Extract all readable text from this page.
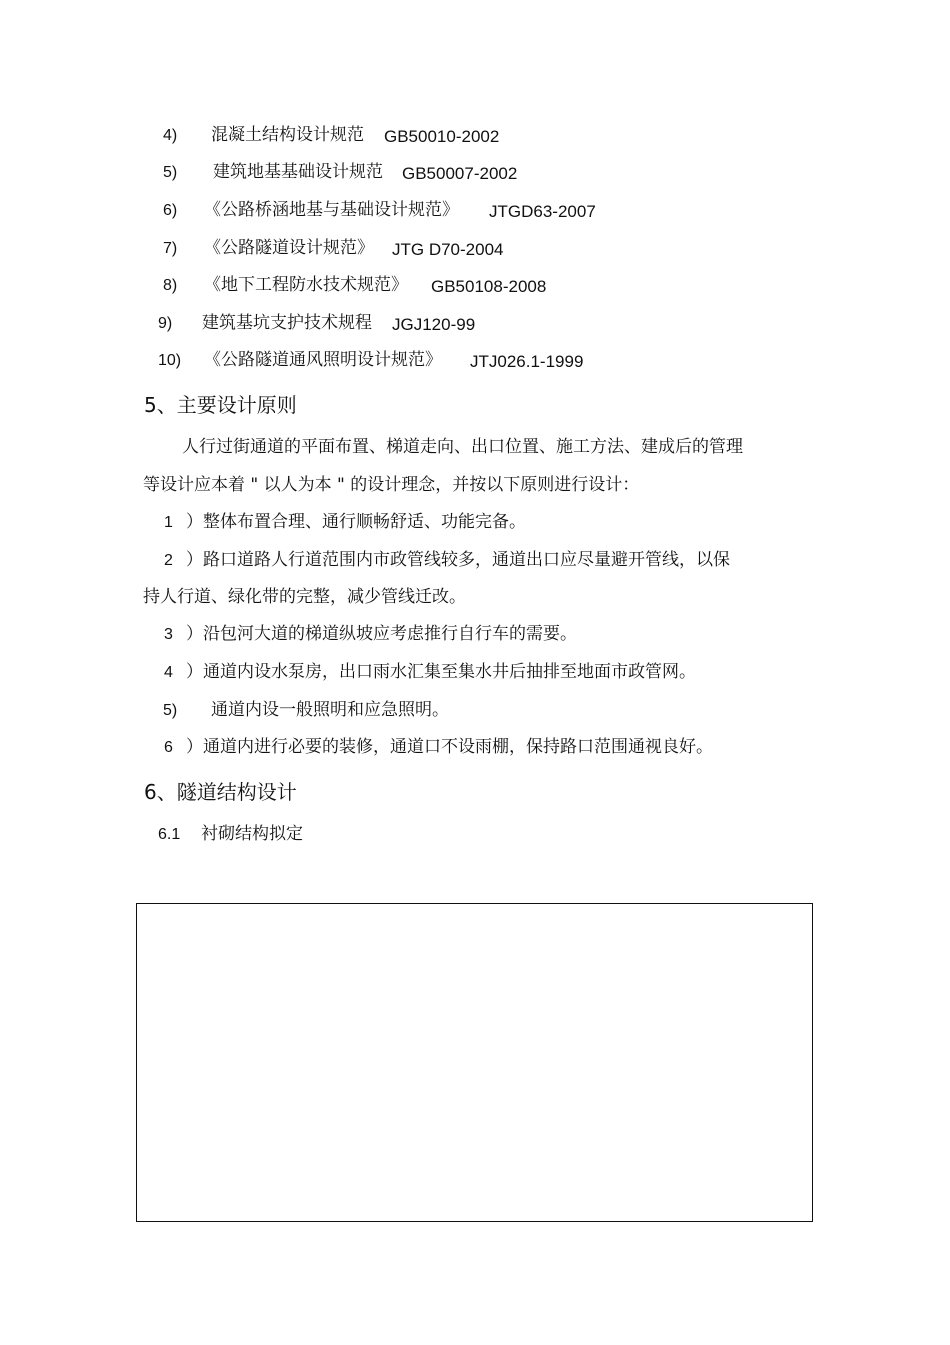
4) 混凝土结构设计规范 GB50010-2002
5) 建筑地基基础设计规范 GB50007-2002
6) 《公路桥涵地基与基础设计规范》 JTGD63-2007
7) 《公路隧道设计规范》 JTG D70-2004
8) 《地下工程防水技术规范》 GB50108-2008
9) 建筑基坑支护技术规程 JGJ120-99
10) 《公路隧道通风照明设计规范》 JTJ026.1-1999
5、主要设计原则
人行过街通道的平面布置、梯道走向、出口位置、施工方法、建成后的管理
等设计应本着 " 以人为本 " 的设计理念，并按以下原则进行设计：
1 ）整体布置合理、通行顺畅舒适、功能完备。
2 ）路口道路人行道范围内市政管线较多，通道出口应尽量避开管线，以保
持人行道、绿化带的完整，减少管线迁改。
3 ）沿包河大道的梯道纵坡应考虑推行自行车的需要。
4 ）通道内设水泵房，出口雨水汇集至集水井后抽排至地面市政管网。
5) 通道内设一般照明和应急照明。
6 ）通道内进行必要的装修，通道口不设雨棚，保持路口范围通视良好。
6、隧道结构设计
6.1 衬砌结构拟定
